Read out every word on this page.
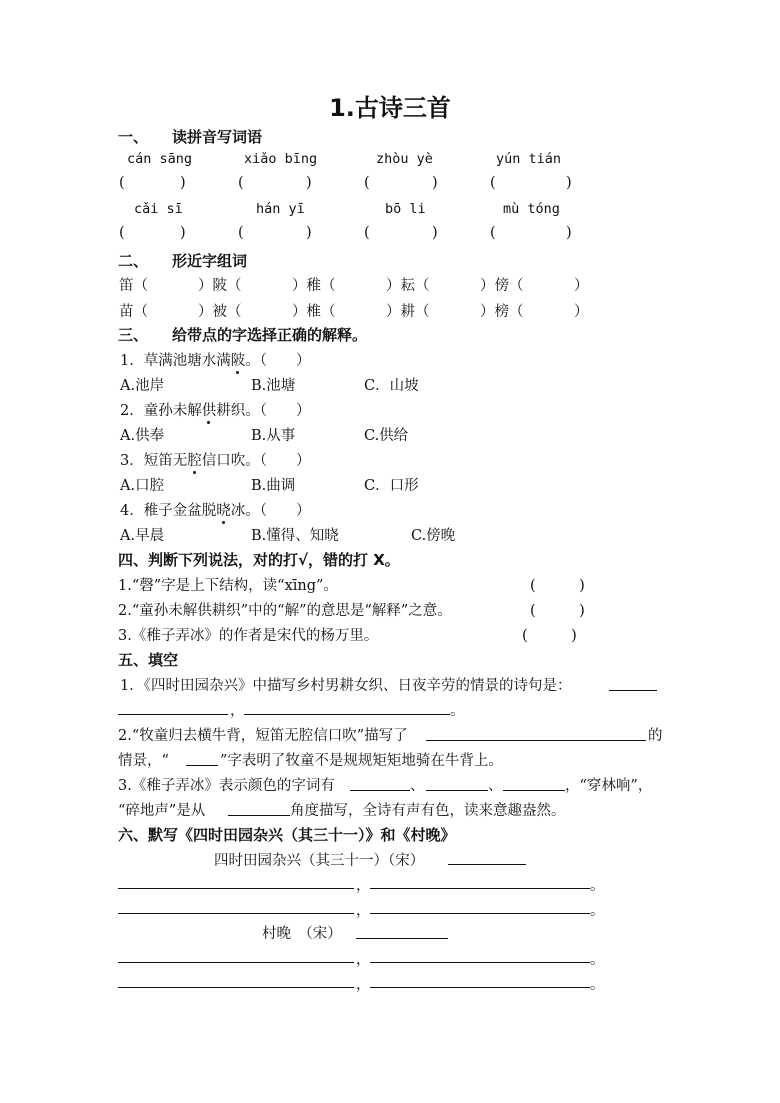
1.古诗三首
一、 读拼音写词语
cán sāng	xiǎo bīng	zhòu yè	yún tián
(	)	(	)	(	)	(	)
cǎi sī	hán yī	bō li	mù tóng
(	)	(	)	(	)	(	)
二、 形近字组词
笛（	）陂（	）稚（	）耘（	）傍（	）
苗（	）被（	）椎（	）耕（	）榜（	）
三、 给带点的字选择正确的解释。
1．草满池塘水满陂。（　　）
A.池岸	B.池塘	C．山坡
2．童孙未解供耕织。（　　）
A.供奉	B.从事	C.供给
3．短笛无腔信口吹。（　　）
A.口腔	B.曲调	C．口形
4．稚子金盆脱晓冰。（　　）
A.早晨	B.懂得、知晓	C.傍晚
四、判断下列说法，对的打√，错的打 X。
1.“磬”字是上下结构，读“xīng”。	(　　　)
2.“童孙未解供耕织”中的“解”的意思是“解释”之意。	(　　　)
3.《稚子弄冰》的作者是宋代的杨万里。	(　　　)
五、填空
1．《四时田园杂兴》中描写乡村男耕女织、日夜辛劳的情景的诗句是：
，	。
2.“牧童归去横牛背，短笛无腔信口吹”描写了	的
情景，“	”字表明了牧童不是规规矩矩地骑在牛背上。
3.《稚子弄冰》表示颜色的字词有	、	、	，“穿林响”，
“碎地声”是从	角度描写，全诗有声有色，读来意趣盎然。
六、默写《四时田园杂兴（其三十一）》和《村晚》
四时田园杂兴（其三十一）（宋）
，	。
，	。
村晚　（宋）
，	。
，	。
